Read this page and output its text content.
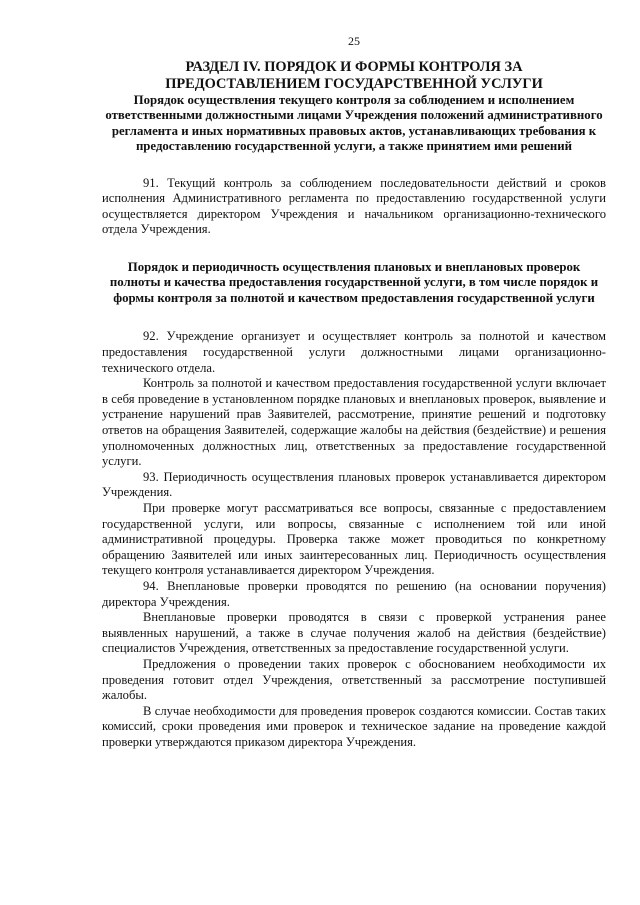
25
РАЗДЕЛ IV. ПОРЯДОК И ФОРМЫ КОНТРОЛЯ ЗА
ПРЕДОСТАВЛЕНИЕМ ГОСУДАРСТВЕННОЙ УСЛУГИ
Порядок осуществления текущего контроля за соблюдением и исполнением ответственными должностными лицами Учреждения положений административного регламента и иных нормативных правовых актов, устанавливающих требования к предоставлению государственной услуги, а также принятием ими решений

91. Текущий контроль за соблюдением последовательности действий и сроков исполнения Административного регламента по предоставлению государственной услуги осуществляется директором Учреждения и начальником организационно-технического отдела Учреждения.

Порядок и периодичность осуществления плановых и внеплановых проверок полноты и качества предоставления государственной услуги, в том числе порядок и формы контроля за полнотой и качеством предоставления государственной услуги

92. Учреждение организует и осуществляет контроль за полнотой и качеством предоставления государственной услуги должностными лицами организационно-технического отдела.

Контроль за полнотой и качеством предоставления государственной услуги включает в себя проведение в установленном порядке плановых и внеплановых проверок, выявление и устранение нарушений прав Заявителей, рассмотрение, принятие решений и подготовку ответов на обращения Заявителей, содержащие жалобы на действия (бездействие) и решения уполномоченных должностных лиц, ответственных за предоставление государственной услуги.

93. Периодичность осуществления плановых проверок устанавливается директором Учреждения.

При проверке могут рассматриваться все вопросы, связанные с предоставлением государственной услуги, или вопросы, связанные с исполнением той или иной административной процедуры. Проверка также может проводиться по конкретному обращению Заявителей или иных заинтересованных лиц. Периодичность осуществления текущего контроля устанавливается директором Учреждения.

94. Внеплановые проверки проводятся по решению (на основании поручения) директора Учреждения.

Внеплановые проверки проводятся в связи с проверкой устранения ранее выявленных нарушений, а также в случае получения жалоб на действия (бездействие) специалистов Учреждения, ответственных за предоставление государственной услуги.

Предложения о проведении таких проверок с обоснованием необходимости их проведения готовит отдел Учреждения, ответственный за рассмотрение поступившей жалобы.

В случае необходимости для проведения проверок создаются комиссии. Состав таких комиссий, сроки проведения ими проверок и техническое задание на проведение каждой проверки утверждаются приказом директора Учреждения.
